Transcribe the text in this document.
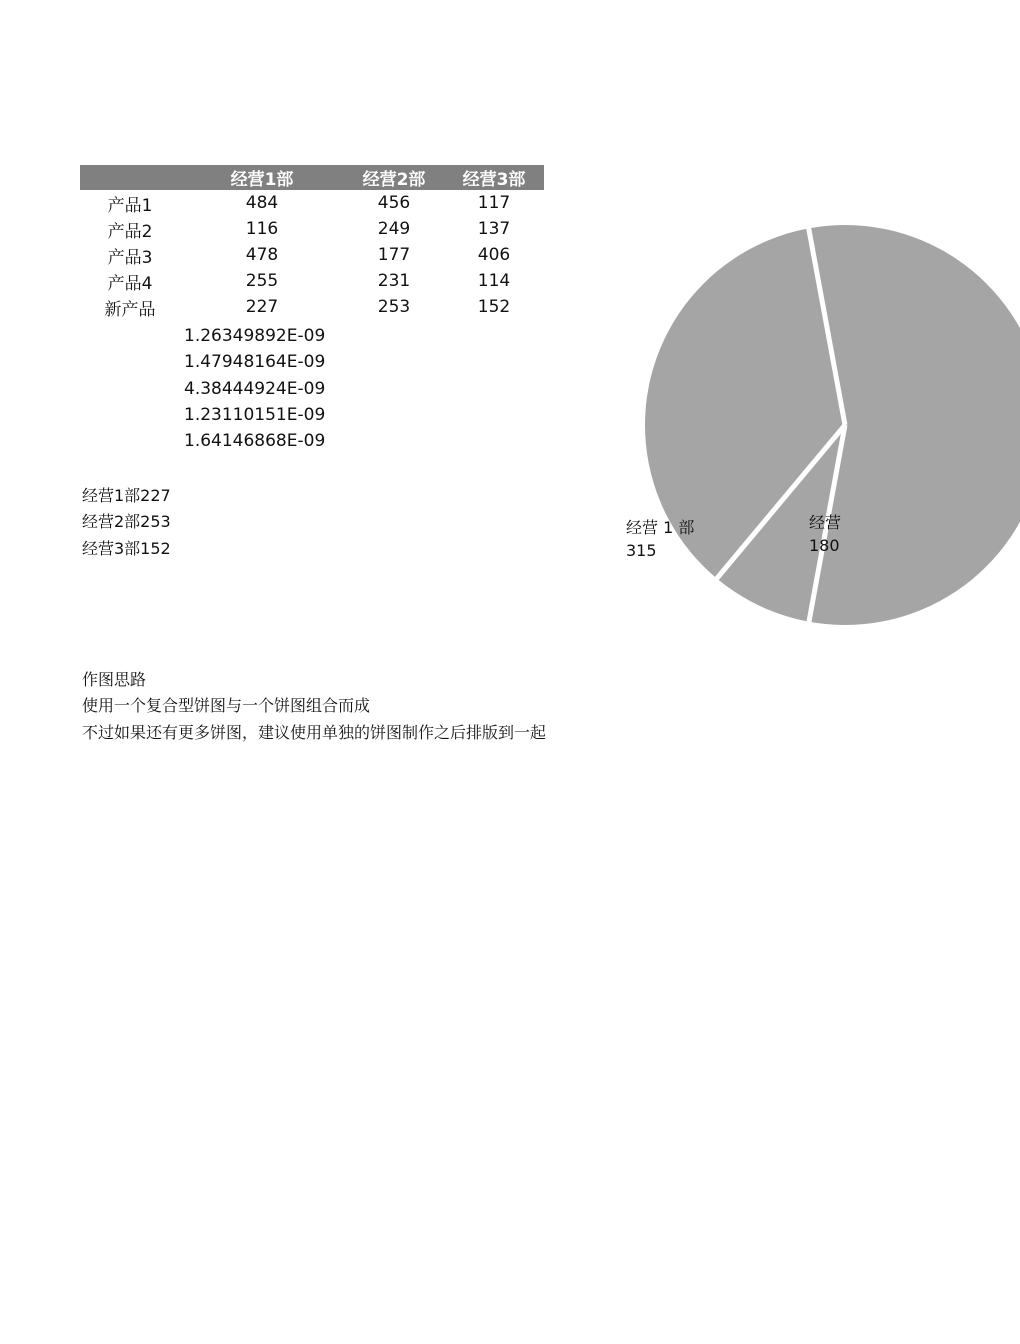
	经营1部	经营2部	经营3部
产品1	484	456	117
产品2	116	249	137
产品3	478	177	406
产品4	255	231	114
新产品	227	253	152
1.26349892E-09
1.47948164E-09
4.38444924E-09
1.23110151E-09
1.64146868E-09
经营1部227
经营2部253
经营3部152
作图思路
使用一个复合型饼图与一个饼图组合而成
不过如果还有更多饼图，建议使用单独的饼图制作之后排版到一起
经营 1 部
315
经营
180
